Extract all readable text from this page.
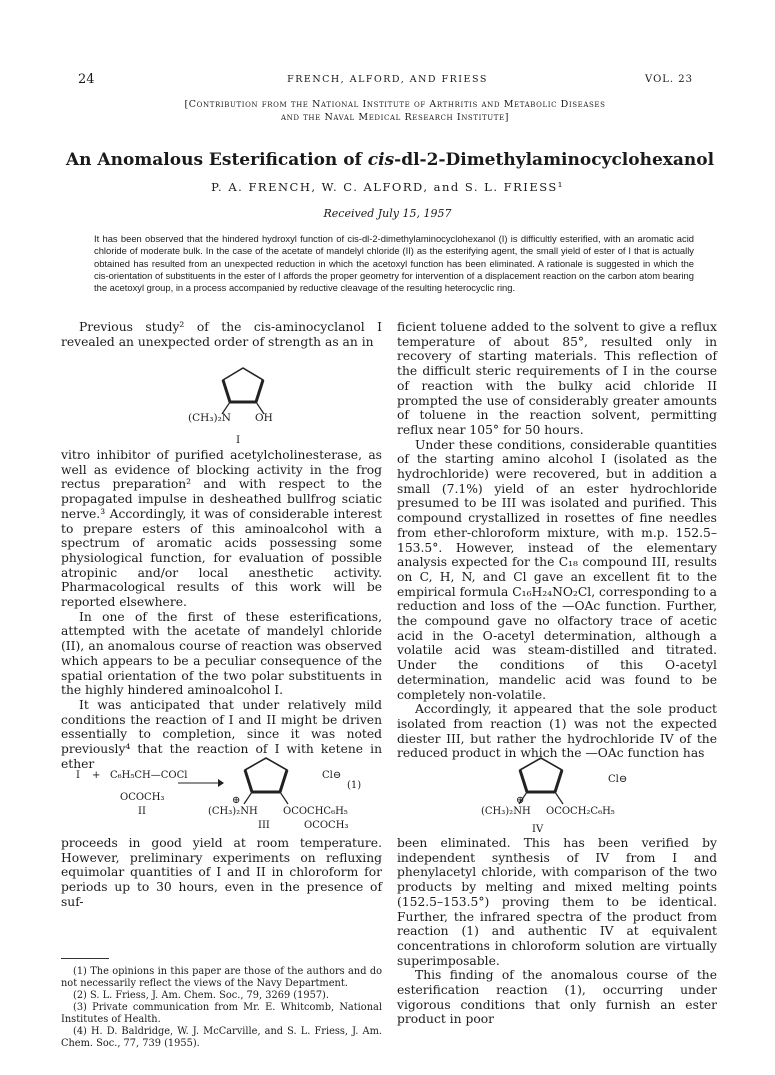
24	FRENCH, ALFORD, AND FRIESS	VOL. 23
[Contribution from the National Institute of Arthritis and Metabolic Diseases
and the Naval Medical Research Institute]
An Anomalous Esterification of cis-dl-2-Dimethylaminocyclohexanol
P. A. FRENCH, W. C. ALFORD, and S. L. FRIESS¹
Received July 15, 1957
It has been observed that the hindered hydroxyl function of cis-dl-2-dimethylaminocyclohexanol (I) is difficultly esterified, with an aromatic acid chloride of moderate bulk. In the case of the acetate of mandelyl chloride (II) as the esterifying agent, the small yield of ester of I that is actually obtained has resulted from an unexpected reduction in which the acetoxyl function has been eliminated. A rationale is suggested in which the cis-orientation of substituents in the ester of I affords the proper geometry for intervention of a displacement reaction on the carbon atom bearing the acetoxyl group, in a process accompanied by reductive cleavage of the resulting heterocyclic ring.

Previous study² of the cis-aminocyclanol I revealed an unexpected order of strength as an in

(CH₃)₂N OH
I

vitro inhibitor of purified acetylcholinesterase, as well as evidence of blocking activity in the frog rectus preparation² and with respect to the propagated impulse in desheathed bullfrog sciatic nerve.³ Accordingly, it was of considerable interest to prepare esters of this aminoalcohol with a spectrum of aromatic acids possessing some physiological function, for evaluation of possible atropinic and/or local anesthetic activity. Pharmacological results of this work will be reported elsewhere.

In one of the first of these esterifications, attempted with the acetate of mandelyl chloride (II), an anomalous course of reaction was observed which appears to be a peculiar consequence of the spatial orientation of the two polar substituents in the highly hindered aminoalcohol I.

It was anticipated that under relatively mild conditions the reaction of I and II might be driven essentially to completion, since it was noted previously⁴ that the reaction of I with ketene in ether

ficient toluene added to the solvent to give a reflux temperature of about 85°, resulted only in recovery of starting materials. This reflection of the difficult steric requirements of I in the course of reaction with the bulky acid chloride II prompted the use of considerably greater amounts of toluene in the reaction solvent, permitting reflux near 105° for 50 hours.

Under these conditions, considerable quantities of the starting amino alcohol I (isolated as the hydrochloride) were recovered, but in addition a small (7.1%) yield of an ester hydrochloride presumed to be III was isolated and purified. This compound crystallized in rosettes of fine needles from ether-chloroform mixture, with m.p. 152.5–153.5°. However, instead of the elementary analysis expected for the C₁₈ compound III, results on C, H, N, and Cl gave an excellent fit to the empirical formula C₁₆H₂₄NO₂Cl, corresponding to a reduction and loss of the —OAc function. Further, the compound gave no olfactory trace of acetic acid in the O-acetyl determination, although a volatile acid was steam-distilled and titrated. Under the conditions of this O-acetyl determination, mandelic acid was found to be completely non-volatile.

Accordingly, it appeared that the sole product isolated from reaction (1) was not the expected diester III, but rather the hydrochloride IV of the reduced product in which the —OAc function has

I + C₆H₅CH—COCl
OCOCH₃
II
⊕
(CH₃)₂NH	OCOCHC₆H₅
OCOCH₃
III
Cl⊖
(1)
⊕
(CH₃)₂NH OCOCH₂C₆H₅
Cl⊖
IV

proceeds in good yield at room temperature. However, preliminary experiments on refluxing equimolar quantities of I and II in chloroform for periods up to 30 hours, even in the presence of suf-

been eliminated. This has been verified by independent synthesis of IV from I and phenylacetyl chloride, with comparison of the two products by melting and mixed melting points (152.5–153.5°) proving them to be identical. Further, the infrared spectra of the product from reaction (1) and authentic IV at equivalent concentrations in chloroform solution are virtually superimposable.

This finding of the anomalous course of the esterification reaction (1), occurring under vigorous conditions that only furnish an ester product in poor

(1) The opinions in this paper are those of the authors and do not necessarily reflect the views of the Navy Department.

(2) S. L. Friess, J. Am. Chem. Soc., 79, 3269 (1957).

(3) Private communication from Mr. E. Whitcomb, National Institutes of Health.

(4) H. D. Baldridge, W. J. McCarville, and S. L. Friess, J. Am. Chem. Soc., 77, 739 (1955).
